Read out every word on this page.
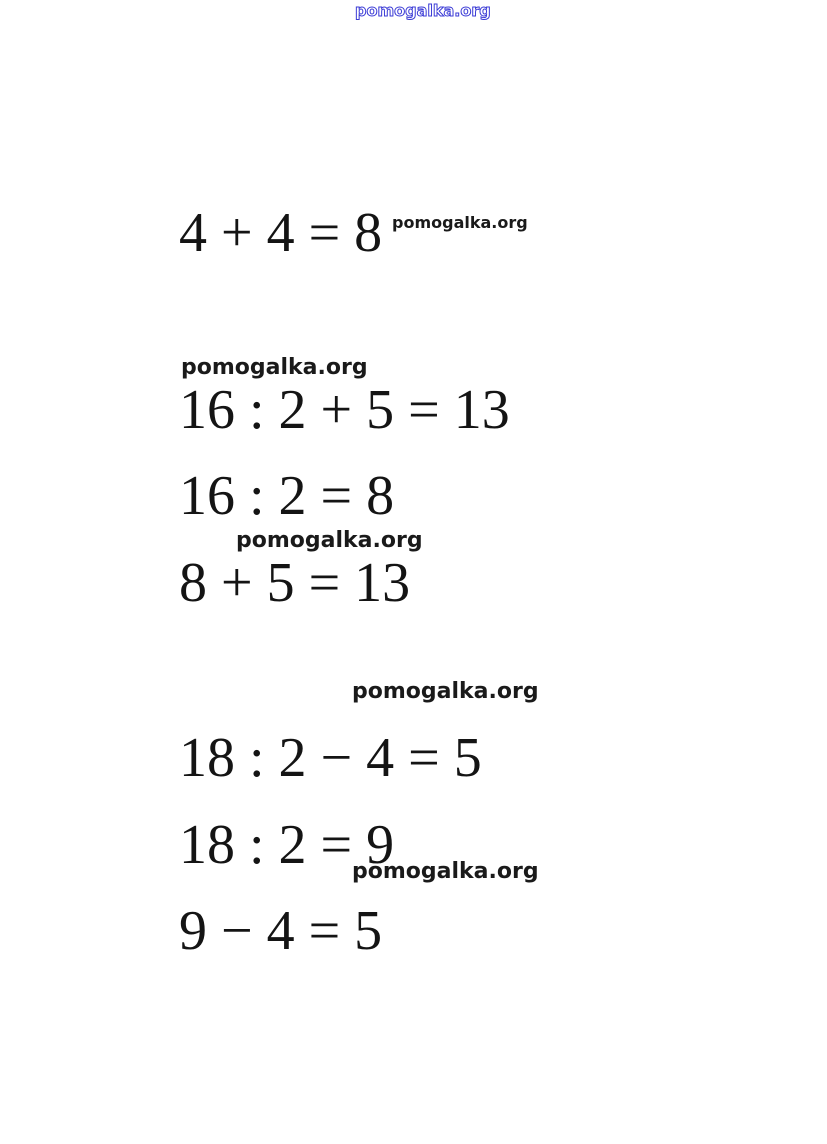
pomogalka.org
4 + 4 = 8 pomogalka.org
pomogalka.org
16 : 2 + 5 = 13
16 : 2 = 8
pomogalka.org
8 + 5 = 13
pomogalka.org
18 : 2 − 4 = 5
18 : 2 = 9
pomogalka.org
9 − 4 = 5
